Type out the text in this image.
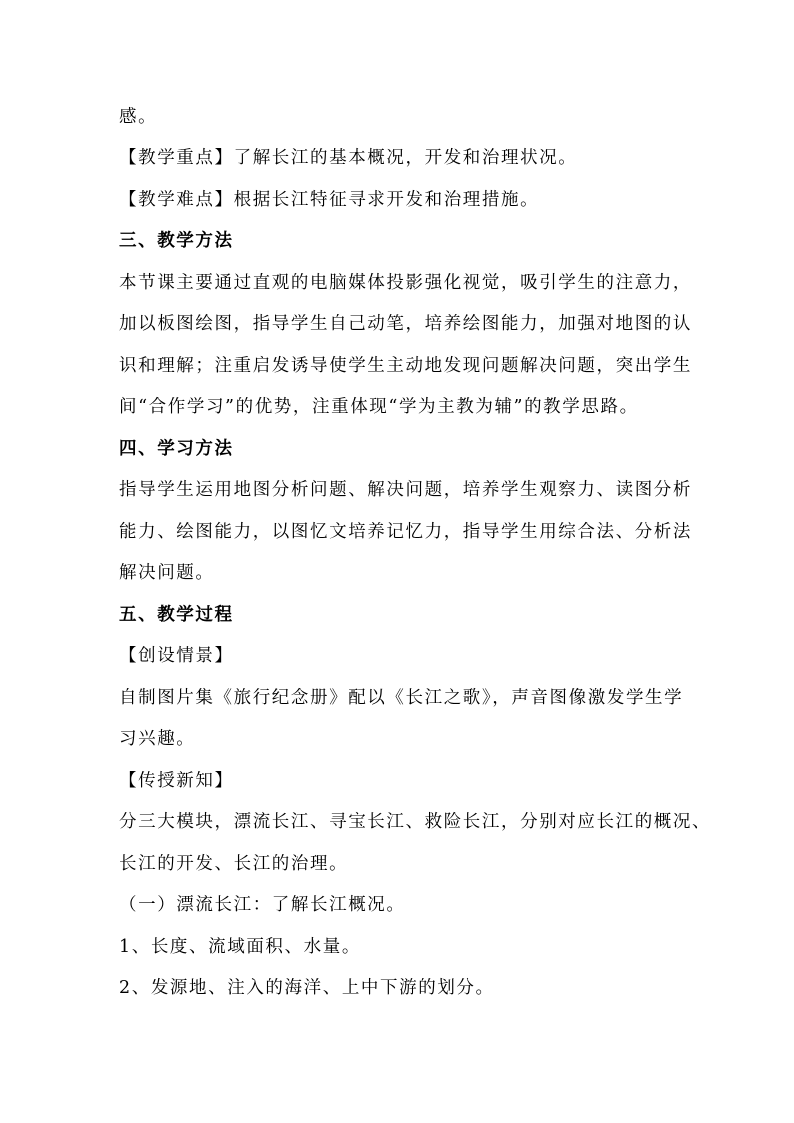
感。
【教学重点】了解长江的基本概况，开发和治理状况。
【教学难点】根据长江特征寻求开发和治理措施。
三、教学方法
本节课主要通过直观的电脑媒体投影强化视觉，吸引学生的注意力，
加以板图绘图，指导学生自己动笔，培养绘图能力，加强对地图的认
识和理解；注重启发诱导使学生主动地发现问题解决问题，突出学生
间“合作学习”的优势，注重体现“学为主教为辅”的教学思路。
四、学习方法
指导学生运用地图分析问题、解决问题，培养学生观察力、读图分析
能力、绘图能力，以图忆文培养记忆力，指导学生用综合法、分析法
解决问题。
五、教学过程
【创设情景】
自制图片集《旅行纪念册》配以《长江之歌》，声音图像激发学生学
习兴趣。
【传授新知】
分三大模块，漂流长江、寻宝长江、救险长江，分别对应长江的概况、
长江的开发、长江的治理。
（一）漂流长江：了解长江概况。
1、长度、流域面积、水量。
2、发源地、注入的海洋、上中下游的划分。
